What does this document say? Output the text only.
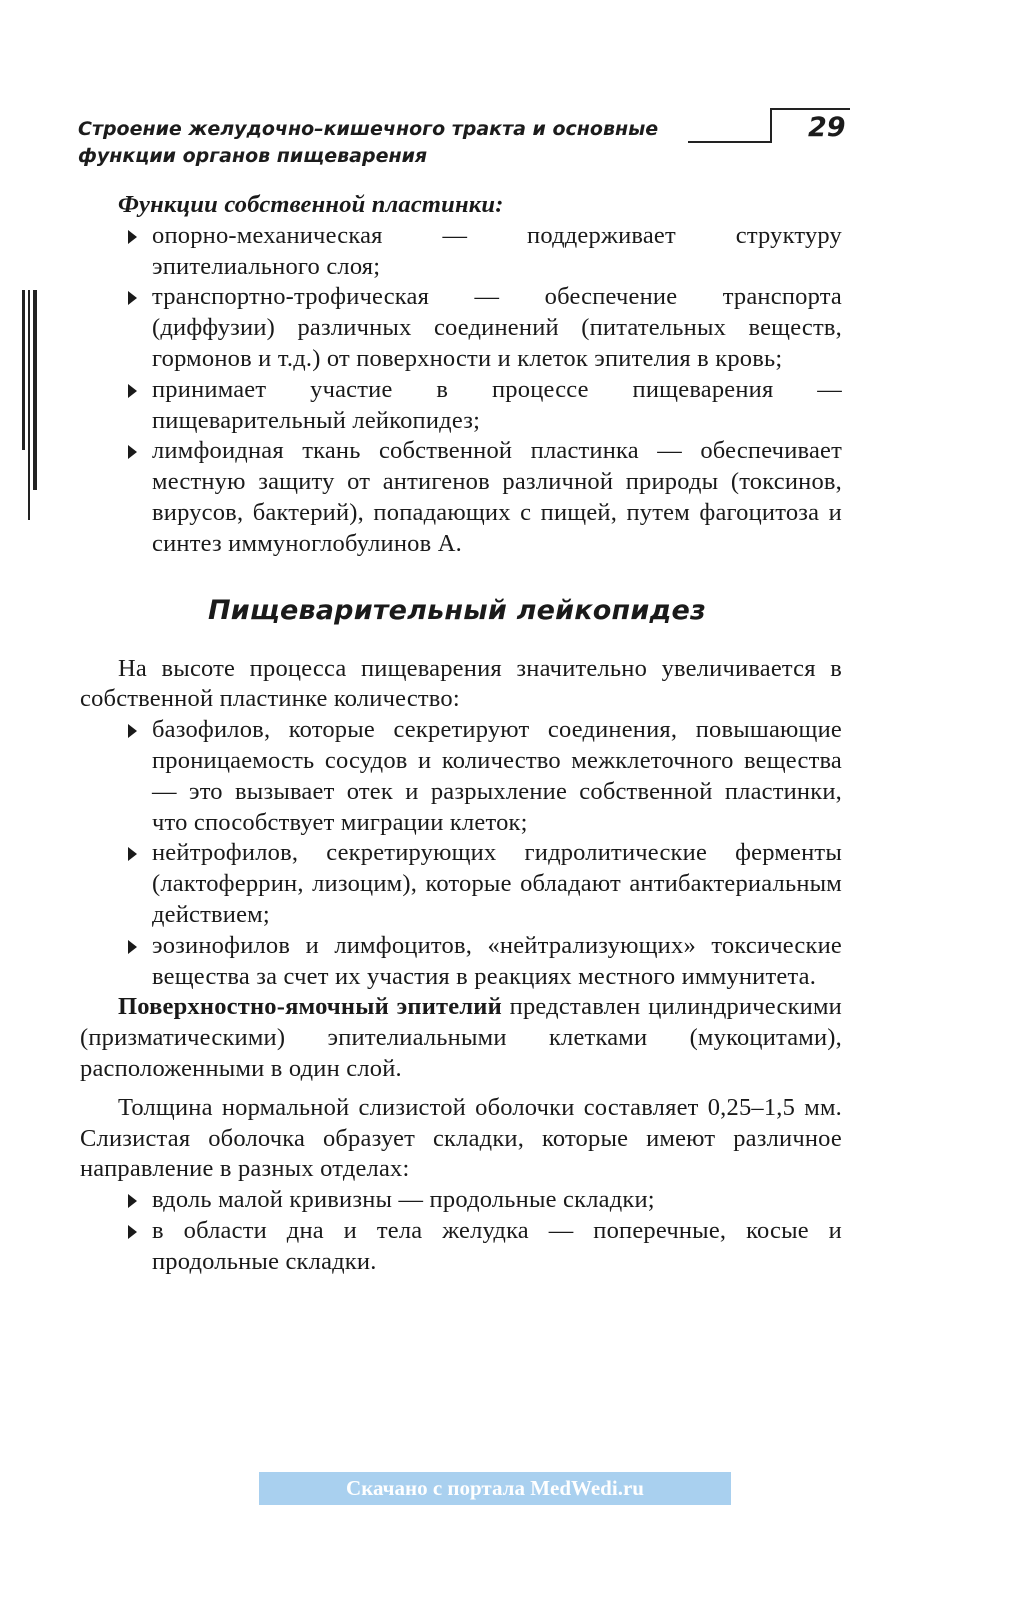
Строение желудочно–кишечного тракта и основные
функции органов пищеварения
29

Функции собственной пластинки:

опорно-механическая — поддерживает структуру эпителиального слоя;
транспортно-трофическая — обеспечение транспорта (диффузии) различных соединений (питательных веществ, гормонов и т.д.) от поверхности и клеток эпителия в кровь;
принимает участие в процессе пищеварения — пищеварительный лейкопидез;
лимфоидная ткань собственной пластинка — обеспечивает местную защиту от антигенов различной природы (токсинов, вирусов, бактерий), попадающих с пищей, путем фагоцитоза и синтез иммуноглобулинов А.
Пищеварительный лейкопидез

На высоте процесса пищеварения значительно увеличивается в собственной пластинке количество:

базофилов, которые секретируют соединения, повышающие проницаемость сосудов и количество межклеточного вещества — это вызывает отек и разрыхление собственной пластинки, что способствует миграции клеток;
нейтрофилов, секретирующих гидролитические ферменты (лактоферрин, лизоцим), которые обладают антибактериальным действием;
эозинофилов и лимфоцитов, «нейтрализующих» токсические вещества за счет их участия в реакциях местного иммунитета.

Поверхностно-ямочный эпителий представлен цилиндрическими (призматическими) эпителиальными клетками (мукоцитами), расположенными в один слой.

Толщина нормальной слизистой оболочки составляет 0,25–1,5 мм. Слизистая оболочка образует складки, которые имеют различное направление в разных отделах:

вдоль малой кривизны — продольные складки;
в области дна и тела желудка — поперечные, косые и продольные складки.
Скачано с портала MedWedi.ru
